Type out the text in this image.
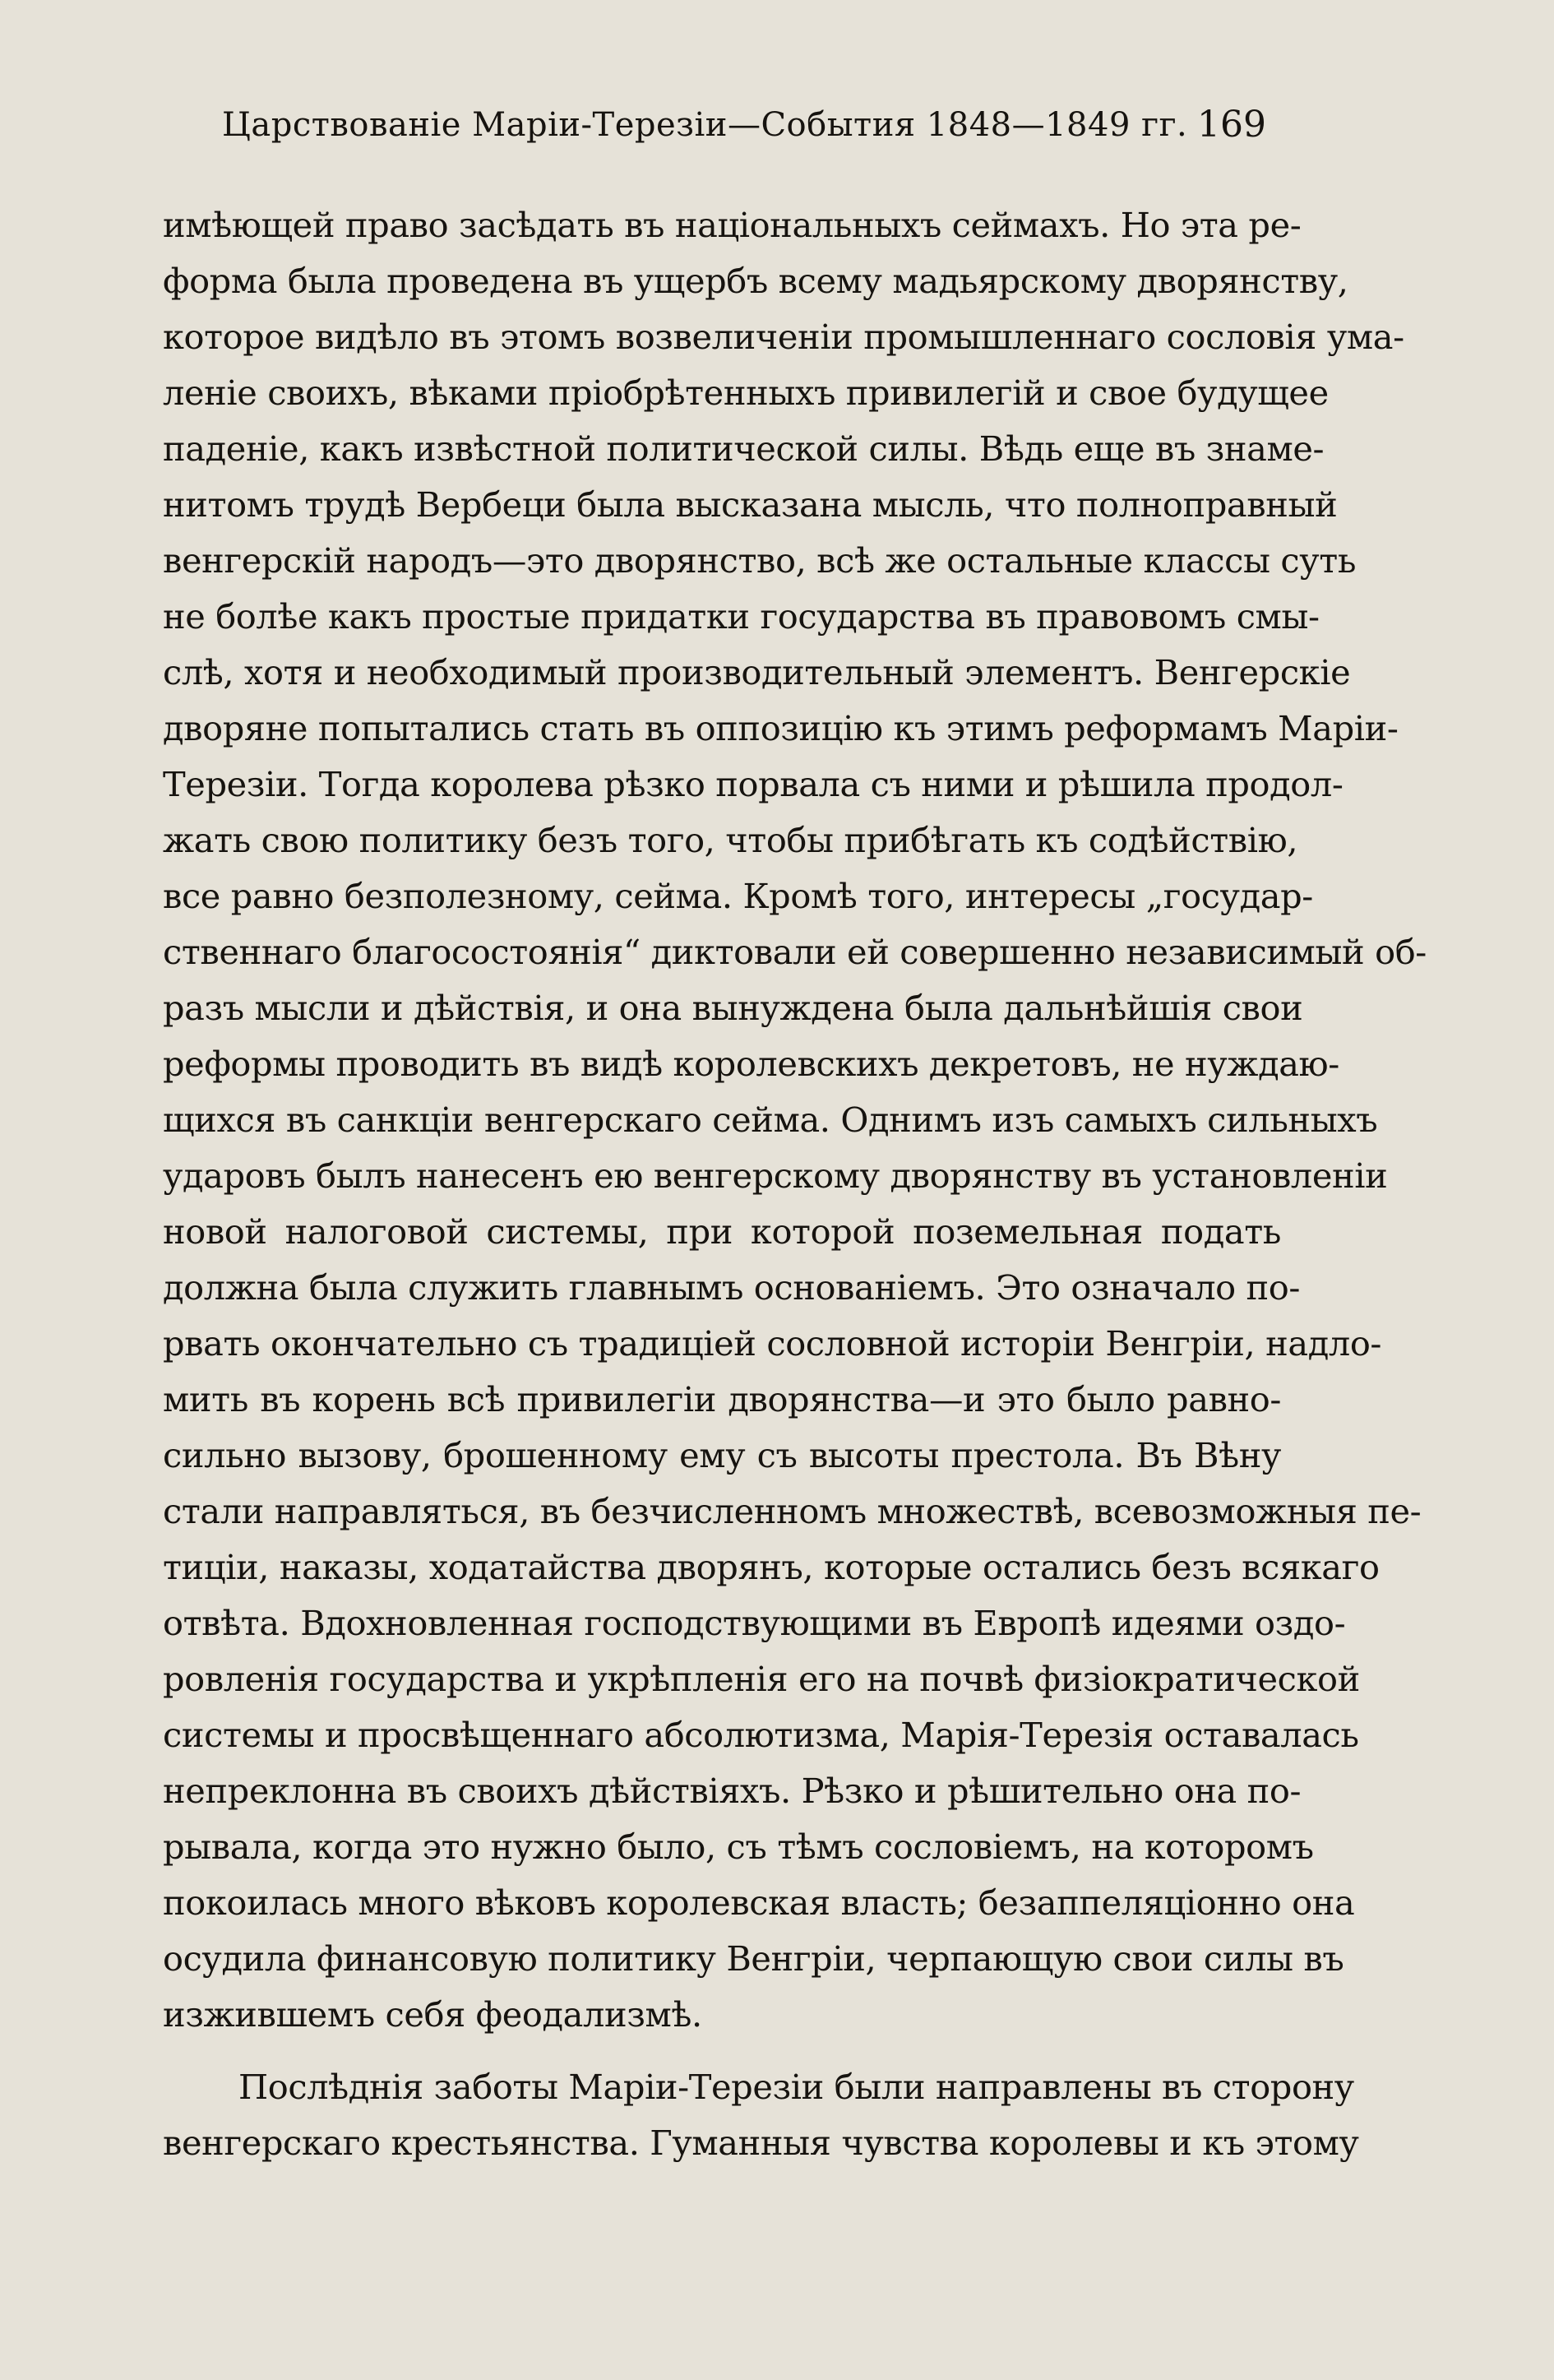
Царствованіе Маріи-Терезіи—События 1848—1849 гг. 169
имѣющей право засѣдать въ національныхъ сеймахъ. Но эта ре-
форма была проведена въ ущербъ всему мадьярскому дворянству,
которое видѣло въ этомъ возвеличеніи промышленнаго сословія ума-
леніе своихъ, вѣками пріобрѣтенныхъ привилегій и свое будущее
паденіе, какъ извѣстной политической силы. Вѣдь еще въ знаме-
нитомъ трудѣ Вербеци была высказана мысль, что полноправный
венгерскій народъ—это дворянство, всѣ же остальные классы суть
не болѣе какъ простые придатки государства въ правовомъ смы-
слѣ, хотя и необходимый производительный элементъ. Венгерскіе
дворяне попытались стать въ оппозицію къ этимъ реформамъ Маріи-
Терезіи. Тогда королева рѣзко порвала съ ними и рѣшила продол-
жать свою политику безъ того, чтобы прибѣгать къ содѣйствію,
все равно безполезному, сейма. Кромѣ того, интересы „государ-
ственнаго благосостоянія“ диктовали ей совершенно независимый об-
разъ мысли и дѣйствія, и она вынуждена была дальнѣйшія свои
реформы проводить въ видѣ королевскихъ декретовъ, не нуждаю-
щихся въ санкціи венгерскаго сейма. Однимъ изъ самыхъ сильныхъ
ударовъ былъ нанесенъ ею венгерскому дворянству въ установленіи
новой налоговой системы, при которой поземельная подать
должна была служить главнымъ основаніемъ. Это означало по-
рвать окончательно съ традиціей сословной исторіи Венгріи, надло-
мить въ корень всѣ привилегіи дворянства—и это было равно-
сильно вызову, брошенному ему съ высоты престола. Въ Вѣну
стали направляться, въ безчисленномъ множествѣ, всевозможныя пе-
тиціи, наказы, ходатайства дворянъ, которые остались безъ всякаго
отвѣта. Вдохновленная господствующими въ Европѣ идеями оздо-
ровленія государства и укрѣпленія его на почвѣ физіократической
системы и просвѣщеннаго абсолютизма, Марія-Терезія оставалась
непреклонна въ своихъ дѣйствіяхъ. Рѣзко и рѣшительно она по-
рывала, когда это нужно было, съ тѣмъ сословіемъ, на которомъ
покоилась много вѣковъ королевская власть; безаппеляціонно она
осудила финансовую политику Венгріи, черпающую свои силы въ
изжившемъ себя феодализмѣ.
Послѣднія заботы Маріи-Терезіи были направлены въ сторону
венгерскаго крестьянства. Гуманныя чувства королевы и къ этому
